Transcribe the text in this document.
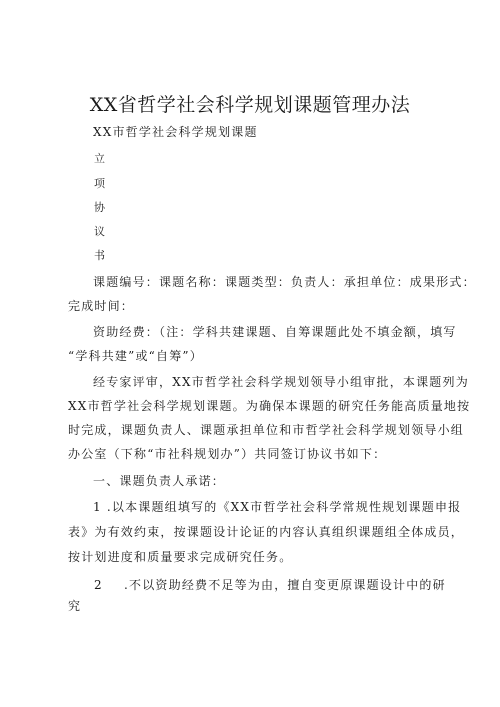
XX省哲学社会科学规划课题管理办法
XX市哲学社会科学规划课题
立
项
协
议
书
课题编号：课题名称：课题类型：负责人：承担单位：成果形式：
完成时间：
资助经费：（注：学科共建课题、自筹课题此处不填金额，填写
“学科共建”或“自筹”）
经专家评审，XX市哲学社会科学规划领导小组审批，本课题列为
XX市哲学社会科学规划课题。为确保本课题的研究任务能高质量地按
时完成，课题负责人、课题承担单位和市哲学社会科学规划领导小组
办公室（下称“市社科规划办”）共同签订协议书如下：
一、课题负责人承诺：
1 .以本课题组填写的《XX市哲学社会科学常规性规划课题申报
表》为有效约束，按课题设计论证的内容认真组织课题组全体成员，
按计划进度和质量要求完成研究任务。
2 .不以资助经费不足等为由，擅自变更原课题设计中的研
究
